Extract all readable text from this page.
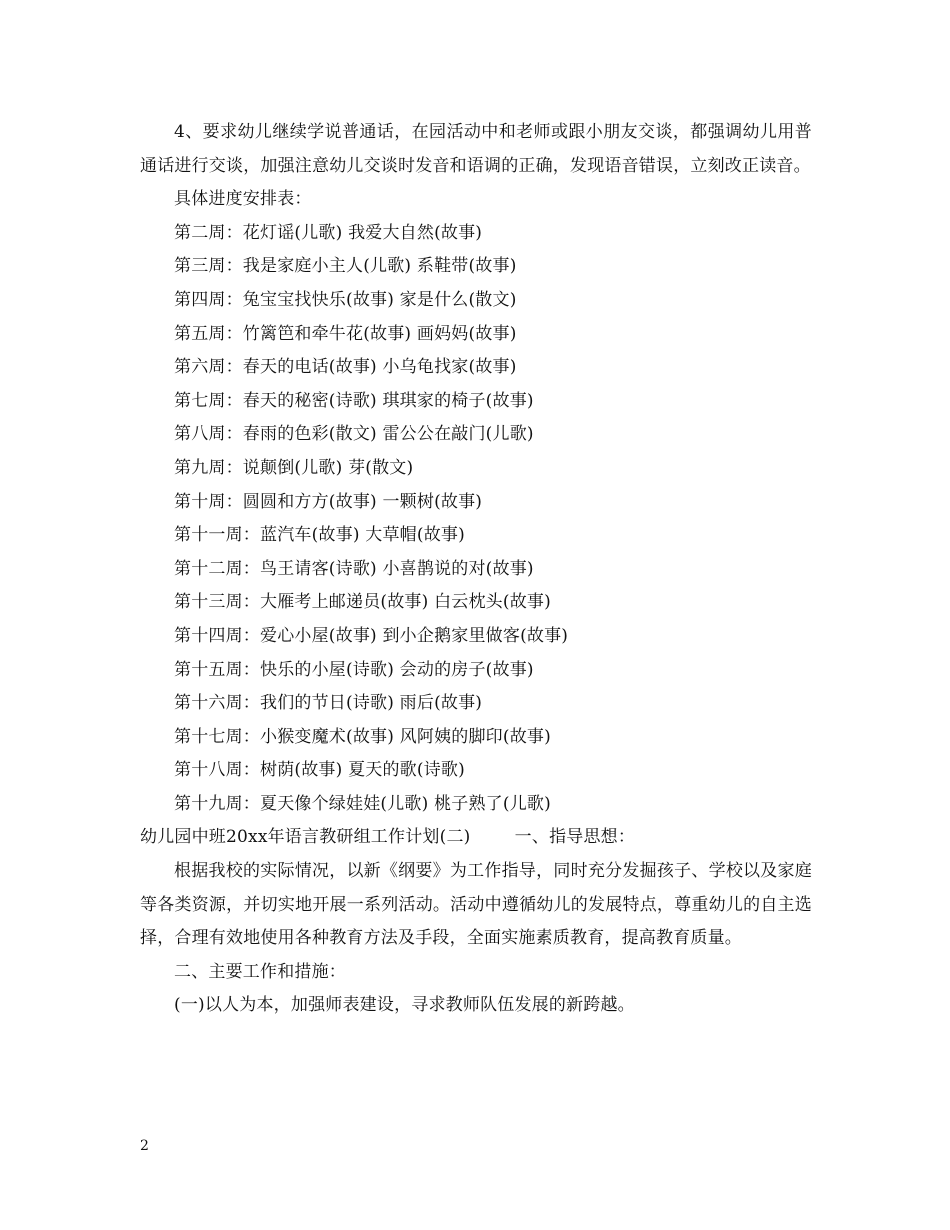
4、要求幼儿继续学说普通话，在园活动中和老师或跟小朋友交谈，都强调幼儿用普通话进行交谈，加强注意幼儿交谈时发音和语调的正确，发现语音错误，立刻改正读音。

具体进度安排表：

第二周：花灯谣(儿歌) 我爱大自然(故事)
第三周：我是家庭小主人(儿歌) 系鞋带(故事)
第四周：兔宝宝找快乐(故事) 家是什么(散文)
第五周：竹篱笆和牵牛花(故事) 画妈妈(故事)
第六周：春天的电话(故事) 小乌龟找家(故事)
第七周：春天的秘密(诗歌) 琪琪家的椅子(故事)
第八周：春雨的色彩(散文) 雷公公在敲门(儿歌)
第九周：说颠倒(儿歌) 芽(散文)
第十周：圆圆和方方(故事) 一颗树(故事)
第十一周：蓝汽车(故事) 大草帽(故事)
第十二周：鸟王请客(诗歌) 小喜鹊说的对(故事)
第十三周：大雁考上邮递员(故事) 白云枕头(故事)
第十四周：爱心小屋(故事) 到小企鹅家里做客(故事)
第十五周：快乐的小屋(诗歌) 会动的房子(故事)
第十六周：我们的节日(诗歌) 雨后(故事)
第十七周：小猴变魔术(故事) 风阿姨的脚印(故事)
第十八周：树荫(故事) 夏天的歌(诗歌)
第十九周：夏天像个绿娃娃(儿歌) 桃子熟了(儿歌)

幼儿园中班20xx年语言教研组工作计划(二)	一、指导思想：

根据我校的实际情况，以新《纲要》为工作指导，同时充分发掘孩子、学校以及家庭等各类资源，并切实地开展一系列活动。活动中遵循幼儿的发展特点，尊重幼儿的自主选择，合理有效地使用各种教育方法及手段，全面实施素质教育，提高教育质量。

二、主要工作和措施：

(一)以人为本，加强师表建设，寻求教师队伍发展的新跨越。

2
